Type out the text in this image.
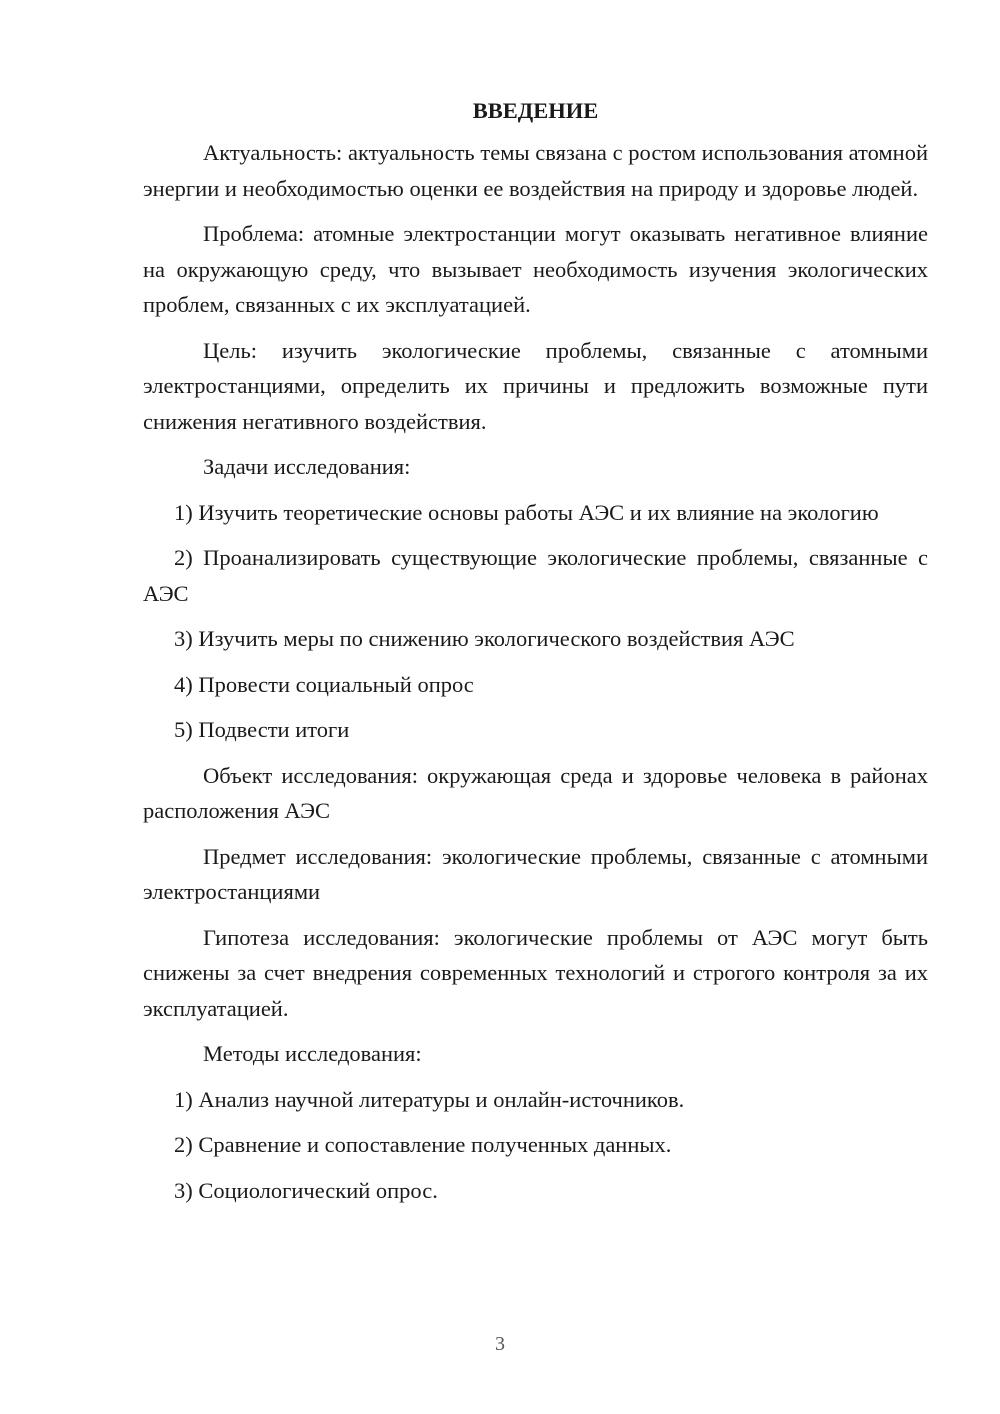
ВВЕДЕНИЕ

Актуальность: актуальность темы связана с ростом использования атомной энергии и необходимостью оценки ее воздействия на природу и здоровье людей.

Проблема: атомные электростанции могут оказывать негативное влияние на окружающую среду, что вызывает необходимость изучения экологических проблем, связанных с их эксплуатацией.

Цель: изучить экологические проблемы, связанные с атомными электростанциями, определить их причины и предложить возможные пути снижения негативного воздействия.

Задачи исследования:

1) Изучить теоретические основы работы АЭС и их влияние на экологию

2) Проанализировать существующие экологические проблемы, связанные с АЭС

3) Изучить меры по снижению экологического воздействия АЭС

4) Провести социальный опрос

5) Подвести итоги

Объект исследования: окружающая среда и здоровье человека в районах расположения АЭС

Предмет исследования: экологические проблемы, связанные с атомными электростанциями

Гипотеза исследования: экологические проблемы от АЭС могут быть снижены за счет внедрения современных технологий и строгого контроля за их эксплуатацией.

Методы исследования:

1) Анализ научной литературы и онлайн-источников.

2) Сравнение и сопоставление полученных данных.

3) Социологический опрос.

3
